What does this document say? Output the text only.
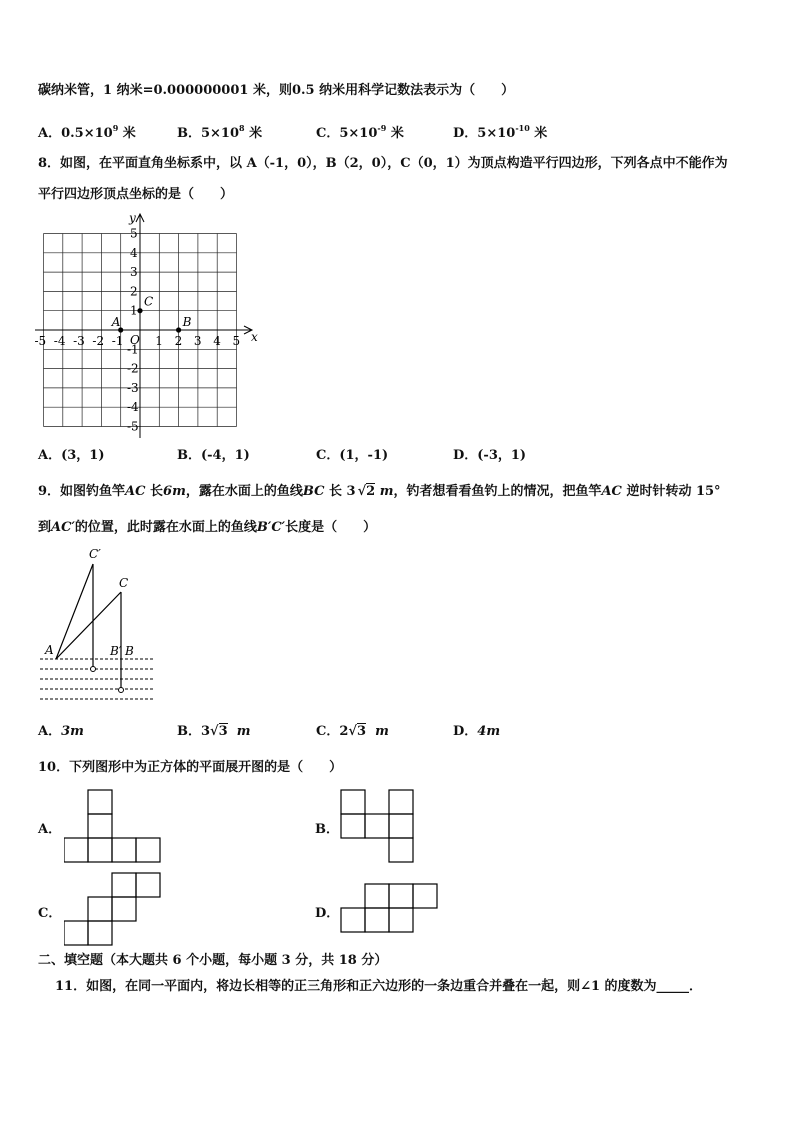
碳纳米管，1 纳米=0.000000001 米，则0.5 纳米用科学记数法表示为（　　）
A．$0.5\times 10^9$ 米	B．$5\times 10^8$ 米	C．$5\times 10^{-9}$ 米	D．$5\times 10^{-10}$ 米
8．如图，在平面直角坐标系中，以 A（-1，0），B（2，0），C（0，1）为顶点构造平行四边形，下列各点中不能作为
平行四边形顶点坐标的是（　　）
x
y
O
-5 -4 -3 -2 -1	1 2 3 4 5
5
4
3
2
1
-1
-2
-3
-4
-5
A	B
C
A．(3，1)	B．(-4，1)	C．(1，-1)	D．(-3，1)
9．如图钓鱼竿AC 长6m，露在水面上的鱼线BC 长 3 √2 m，钓者想看看鱼钓上的情况，把鱼竿AC 逆时针转动 15°
到AC′的位置，此时露在水面上的鱼线B′C′长度是（　　）
A	B′ B
C
C′
A．3m	B．3√3 m	C．2√3 m	D．4m
10．下列图形中为正方体的平面展开图的是（　　）
A．	B．
C．	D．
二、填空题（本大题共 6 个小题，每小题 3 分，共 18 分）
11．如图，在同一平面内，将边长相等的正三角形和正六边形的一条边重合并叠在一起，则∠1 的度数为_____．
